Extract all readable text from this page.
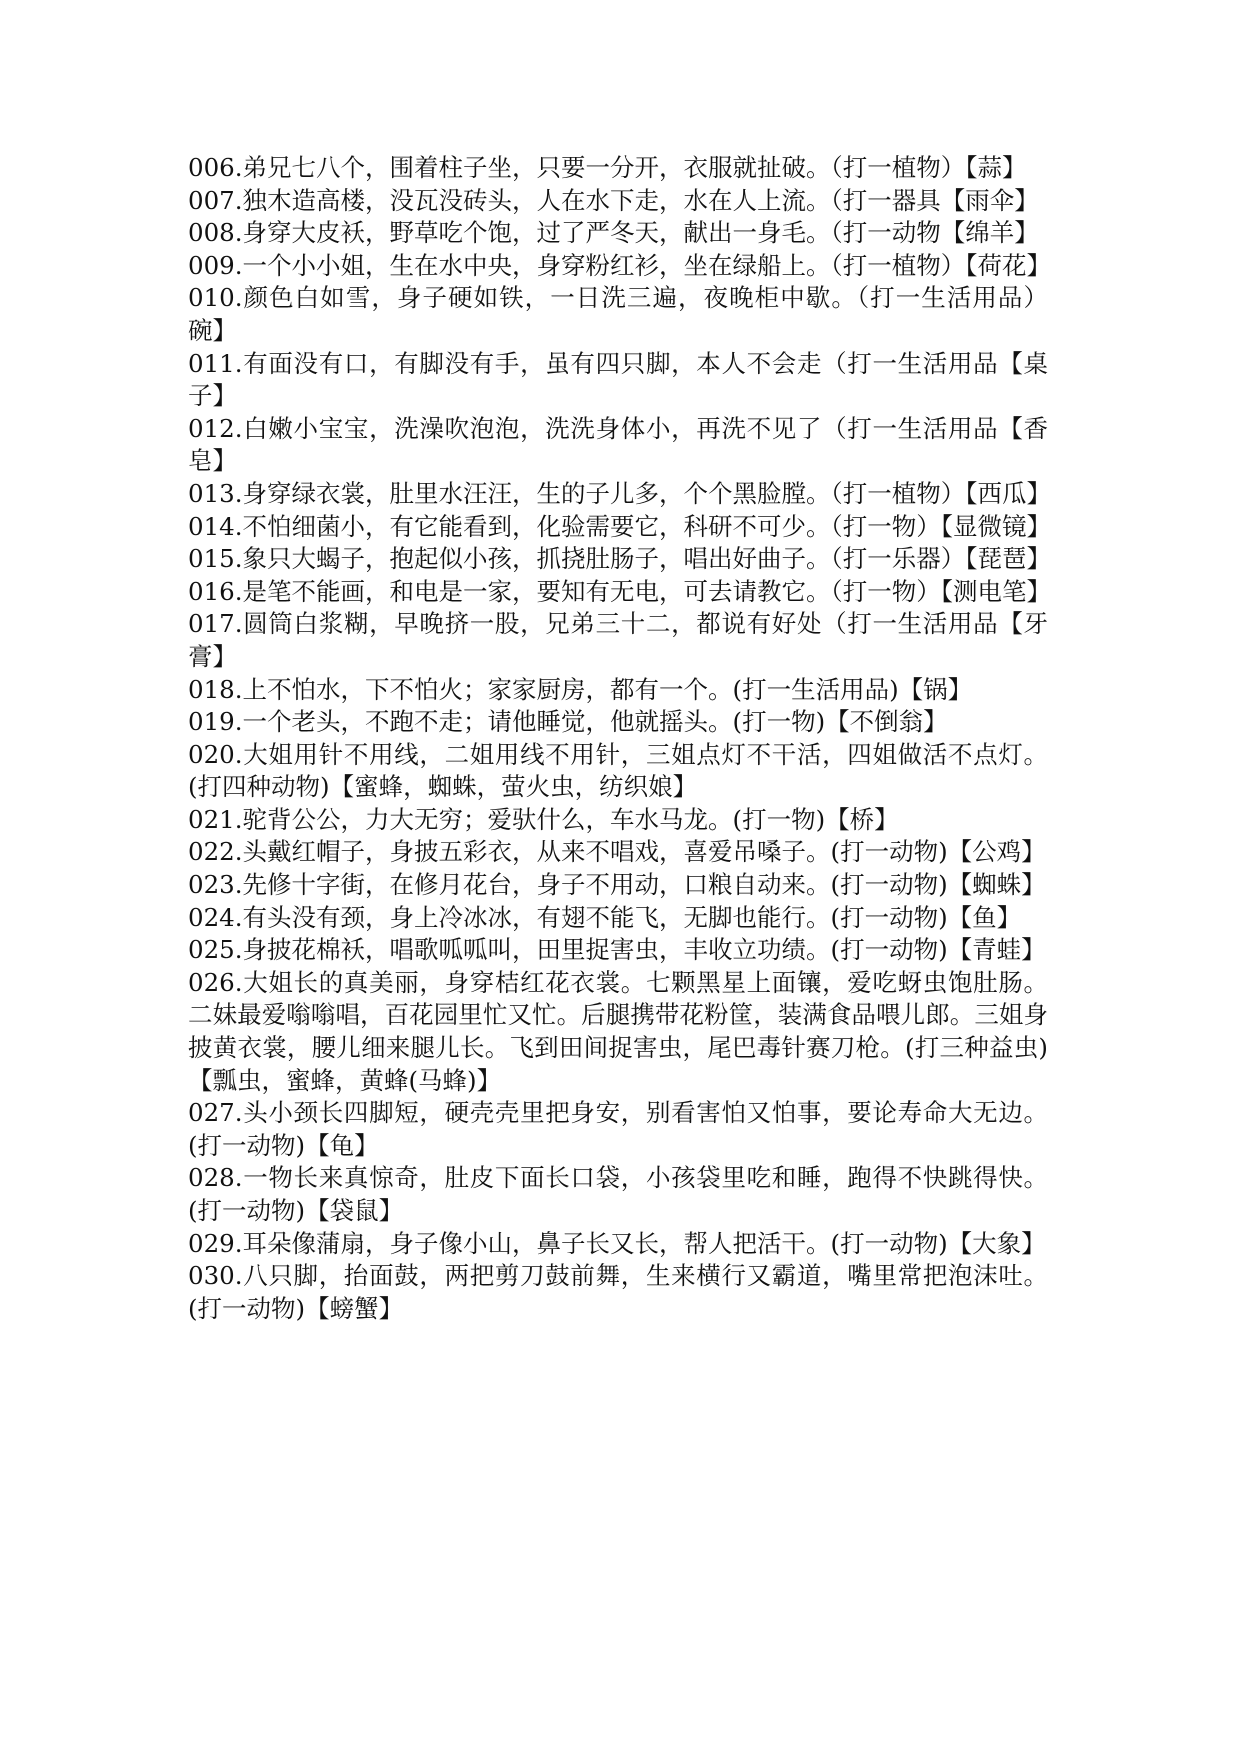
006.弟兄七八个，围着柱子坐，只要一分开，衣服就扯破。（打一植物）【蒜】

007.独木造高楼，没瓦没砖头，人在水下走，水在人上流。（打一器具【雨伞】

008.身穿大皮袄，野草吃个饱，过了严冬天，献出一身毛。（打一动物【绵羊】

009.一个小小姐，生在水中央，身穿粉红衫，坐在绿船上。（打一植物）【荷花】

010.颜色白如雪，身子硬如铁，一日洗三遍，夜晚柜中歇。（打一生活用品）碗】

011.有面没有口，有脚没有手，虽有四只脚，本人不会走（打一生活用品【桌子】

012.白嫩小宝宝，洗澡吹泡泡，洗洗身体小，再洗不见了（打一生活用品【香皂】

013.身穿绿衣裳，肚里水汪汪，生的子儿多，个个黑脸膛。（打一植物）【西瓜】

014.不怕细菌小，有它能看到，化验需要它，科研不可少。（打一物）【显微镜】

015.象只大蝎子，抱起似小孩，抓挠肚肠子，唱出好曲子。（打一乐器）【琵琶】

016.是笔不能画，和电是一家，要知有无电，可去请教它。（打一物）【测电笔】

017.圆筒白浆糊，早晚挤一股，兄弟三十二，都说有好处（打一生活用品【牙膏】

018.上不怕水，下不怕火；家家厨房，都有一个。(打一生活用品)【锅】

019.一个老头，不跑不走；请他睡觉，他就摇头。(打一物)【不倒翁】

020.大姐用针不用线，二姐用线不用针，三姐点灯不干活，四姐做活不点灯。(打四种动物)【蜜蜂，蜘蛛，萤火虫，纺织娘】

021.驼背公公，力大无穷；爱驮什么，车水马龙。(打一物)【桥】

022.头戴红帽子，身披五彩衣，从来不唱戏，喜爱吊嗓子。(打一动物)【公鸡】

023.先修十字街，在修月花台，身子不用动，口粮自动来。(打一动物)【蜘蛛】

024.有头没有颈，身上冷冰冰，有翅不能飞，无脚也能行。(打一动物)【鱼】

025.身披花棉袄，唱歌呱呱叫，田里捉害虫，丰收立功绩。(打一动物)【青蛙】

026.大姐长的真美丽，身穿桔红花衣裳。七颗黑星上面镶，爱吃蚜虫饱肚肠。二妹最爱嗡嗡唱，百花园里忙又忙。后腿携带花粉筐，装满食品喂儿郎。三姐身披黄衣裳，腰儿细来腿儿长。飞到田间捉害虫，尾巴毒针赛刀枪。(打三种益虫)【瓢虫，蜜蜂，黄蜂(马蜂)】

027.头小颈长四脚短，硬壳壳里把身安，别看害怕又怕事，要论寿命大无边。(打一动物)【龟】

028.一物长来真惊奇，肚皮下面长口袋，小孩袋里吃和睡，跑得不快跳得快。(打一动物)【袋鼠】

029.耳朵像蒲扇，身子像小山，鼻子长又长，帮人把活干。(打一动物)【大象】

030.八只脚，抬面鼓，两把剪刀鼓前舞，生来横行又霸道，嘴里常把泡沫吐。(打一动物)【螃蟹】
